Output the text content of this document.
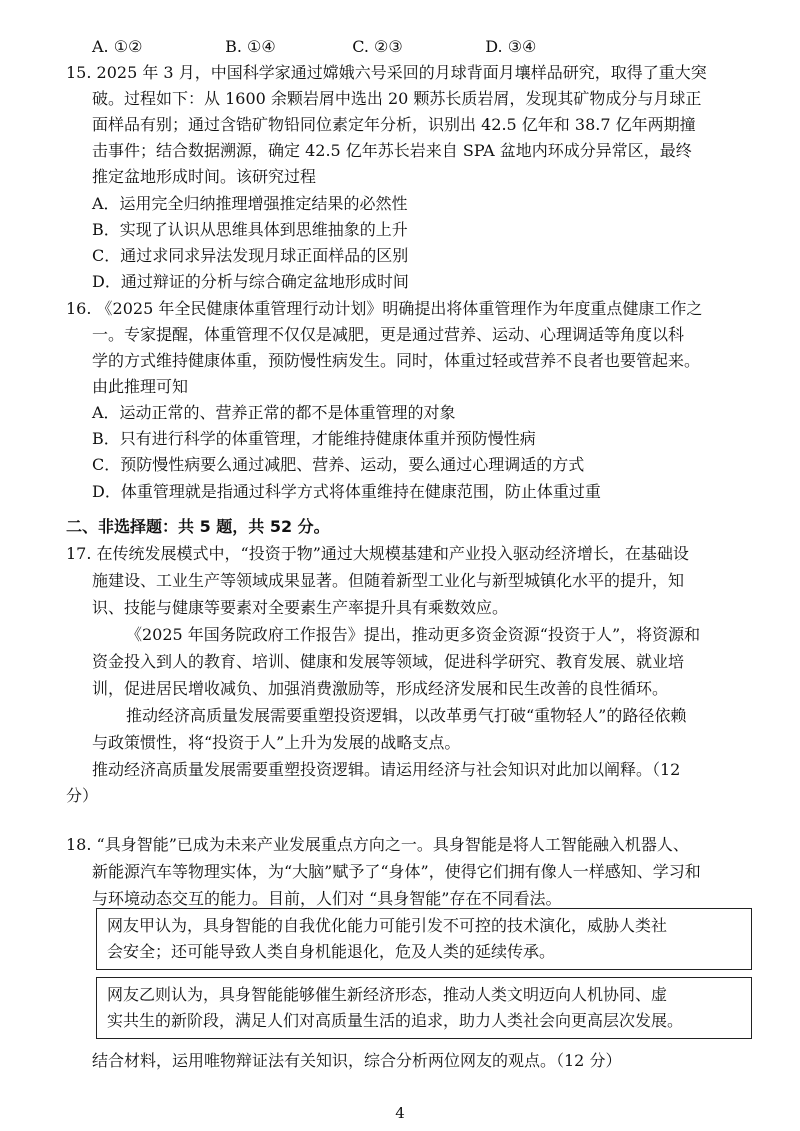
A. ①②	B. ①④	C. ②③	D. ③④
15. 2025 年 3 月，中国科学家通过嫦娥六号采回的月球背面月壤样品研究，取得了重大突
破。过程如下：从 1600 余颗岩屑中选出 20 颗苏长质岩屑，发现其矿物成分与月球正
面样品有别；通过含锆矿物铅同位素定年分析，识别出 42.5 亿年和 38.7 亿年两期撞
击事件；结合数据溯源，确定 42.5 亿年苏长岩来自 SPA 盆地内环成分异常区，最终
推定盆地形成时间。该研究过程
A．运用完全归纳推理增强推定结果的必然性
B．实现了认识从思维具体到思维抽象的上升
C．通过求同求异法发现月球正面样品的区别
D．通过辩证的分析与综合确定盆地形成时间
16. 《2025 年全民健康体重管理行动计划》明确提出将体重管理作为年度重点健康工作之
一。专家提醒，体重管理不仅仅是减肥，更是通过营养、运动、心理调适等角度以科
学的方式维持健康体重，预防慢性病发生。同时，体重过轻或营养不良者也要管起来。
由此推理可知
A．运动正常的、营养正常的都不是体重管理的对象
B．只有进行科学的体重管理，才能维持健康体重并预防慢性病
C．预防慢性病要么通过减肥、营养、运动，要么通过心理调适的方式
D．体重管理就是指通过科学方式将体重维持在健康范围，防止体重过重
二、非选择题：共 5 题，共 52 分。
17. 在传统发展模式中，“投资于物”通过大规模基建和产业投入驱动经济增长，在基础设
施建设、工业生产等领域成果显著。但随着新型工业化与新型城镇化水平的提升，知
识、技能与健康等要素对全要素生产率提升具有乘数效应。
《2025 年国务院政府工作报告》提出，推动更多资金资源“投资于人”，将资源和
资金投入到人的教育、培训、健康和发展等领域，促进科学研究、教育发展、就业培
训，促进居民增收减负、加强消费激励等，形成经济发展和民生改善的良性循环。
推动经济高质量发展需要重塑投资逻辑，以改革勇气打破“重物轻人”的路径依赖
与政策惯性，将“投资于人”上升为发展的战略支点。
推动经济高质量发展需要重塑投资逻辑。请运用经济与社会知识对此加以阐释。（12
分）
18. “具身智能”已成为未来产业发展重点方向之一。具身智能是将人工智能融入机器人、
新能源汽车等物理实体，为“大脑”赋予了“身体”，使得它们拥有像人一样感知、学习和
与环境动态交互的能力。目前，人们对 “具身智能”存在不同看法。
网友甲认为，具身智能的自我优化能力可能引发不可控的技术演化，威胁人类社
会安全；还可能导致人类自身机能退化，危及人类的延续传承。
网友乙则认为，具身智能能够催生新经济形态，推动人类文明迈向人机协同、虚
实共生的新阶段，满足人们对高质量生活的追求，助力人类社会向更高层次发展。
结合材料，运用唯物辩证法有关知识，综合分析两位网友的观点。（12 分）
4
